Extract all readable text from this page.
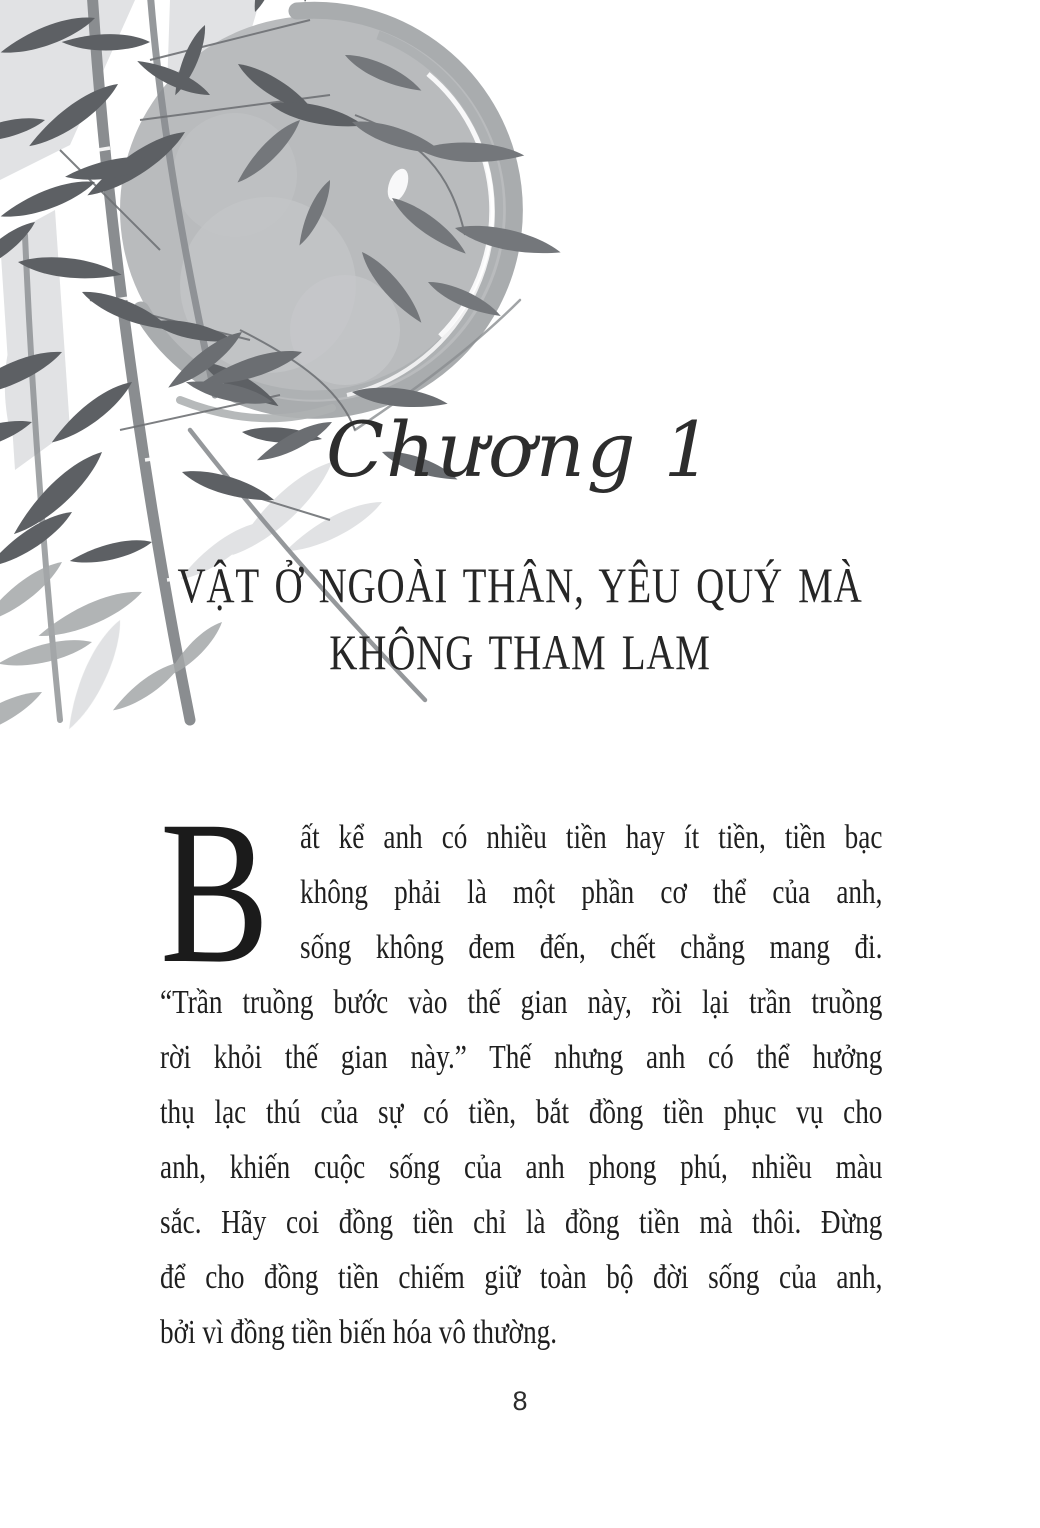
Chương 1
VẬT Ở NGOÀI THÂN, YÊU QUÝ MÀ
KHÔNG THAM LAM
B ất kể anh có nhiều tiền hay ít tiền, tiền bạc
không phải là một phần cơ thể của anh,
sống không đem đến, chết chẳng mang đi.
“Trần truồng bước vào thế gian này, rồi lại trần truồng
rời khỏi thế gian này.” Thế nhưng anh có thể hưởng
thụ lạc thú của sự có tiền, bắt đồng tiền phục vụ cho
anh, khiến cuộc sống của anh phong phú, nhiều màu
sắc. Hãy coi đồng tiền chỉ là đồng tiền mà thôi. Đừng
để cho đồng tiền chiếm giữ toàn bộ đời sống của anh,
bởi vì đồng tiền biến hóa vô thường.
8
